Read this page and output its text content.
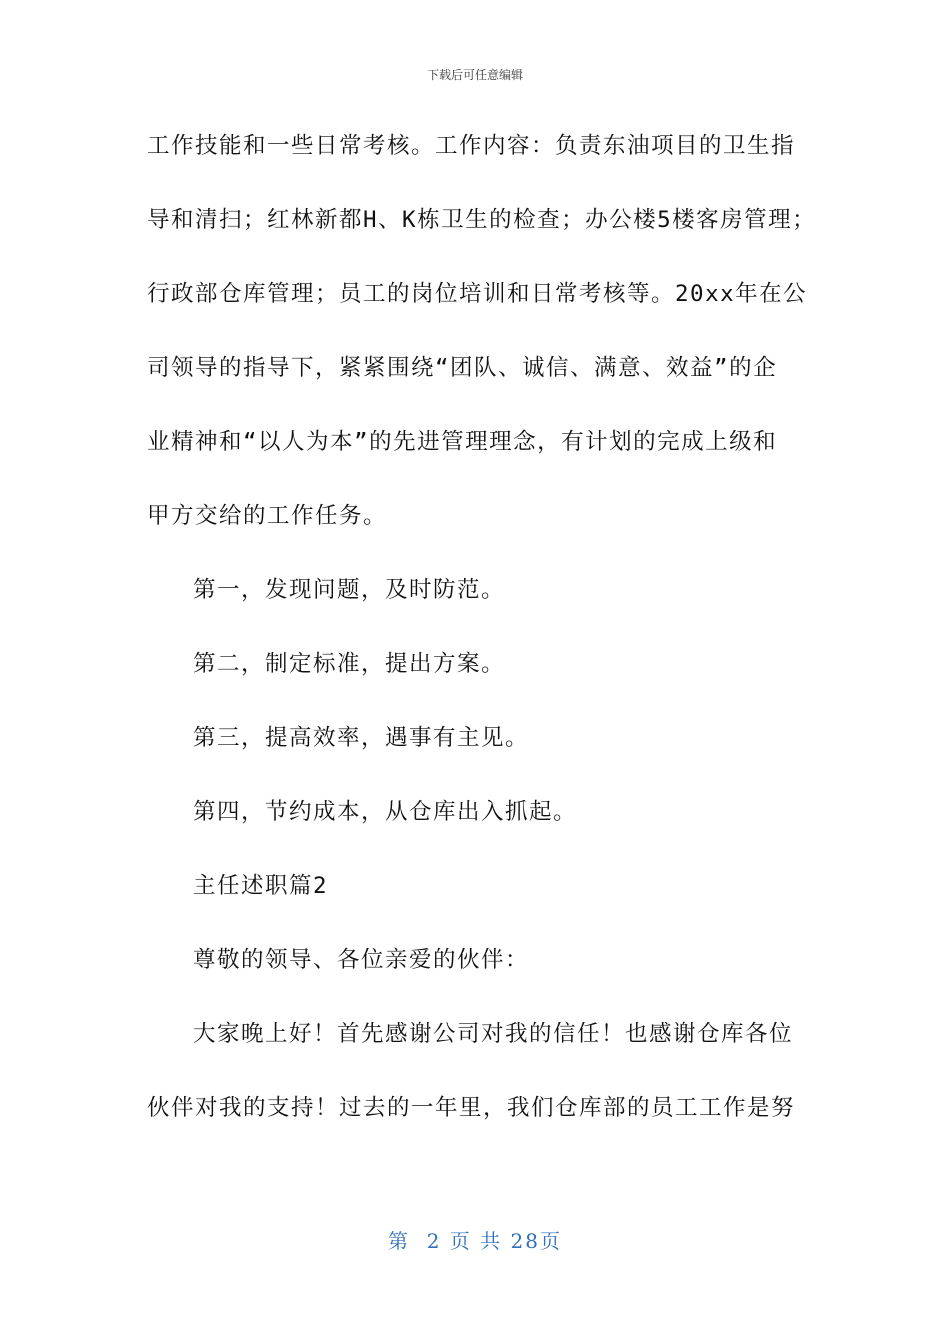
下载后可任意编辑
工作技能和一些日常考核。工作内容：负责东油项目的卫生指
导和清扫；红林新都H、K栋卫生的检查；办公楼5楼客房管理；
行政部仓库管理；员工的岗位培训和日常考核等。20xx年在公
司领导的指导下，紧紧围绕“团队、诚信、满意、效益”的企
业精神和“以人为本”的先进管理理念，有计划的完成上级和
甲方交给的工作任务。
第一，发现问题，及时防范。
第二，制定标准，提出方案。
第三，提高效率，遇事有主见。
第四，节约成本，从仓库出入抓起。
主任述职篇2
尊敬的领导、各位亲爱的伙伴：
大家晚上好！首先感谢公司对我的信任！也感谢仓库各位
伙伴对我的支持！过去的一年里，我们仓库部的员工工作是努
第  2 页 共 28页
